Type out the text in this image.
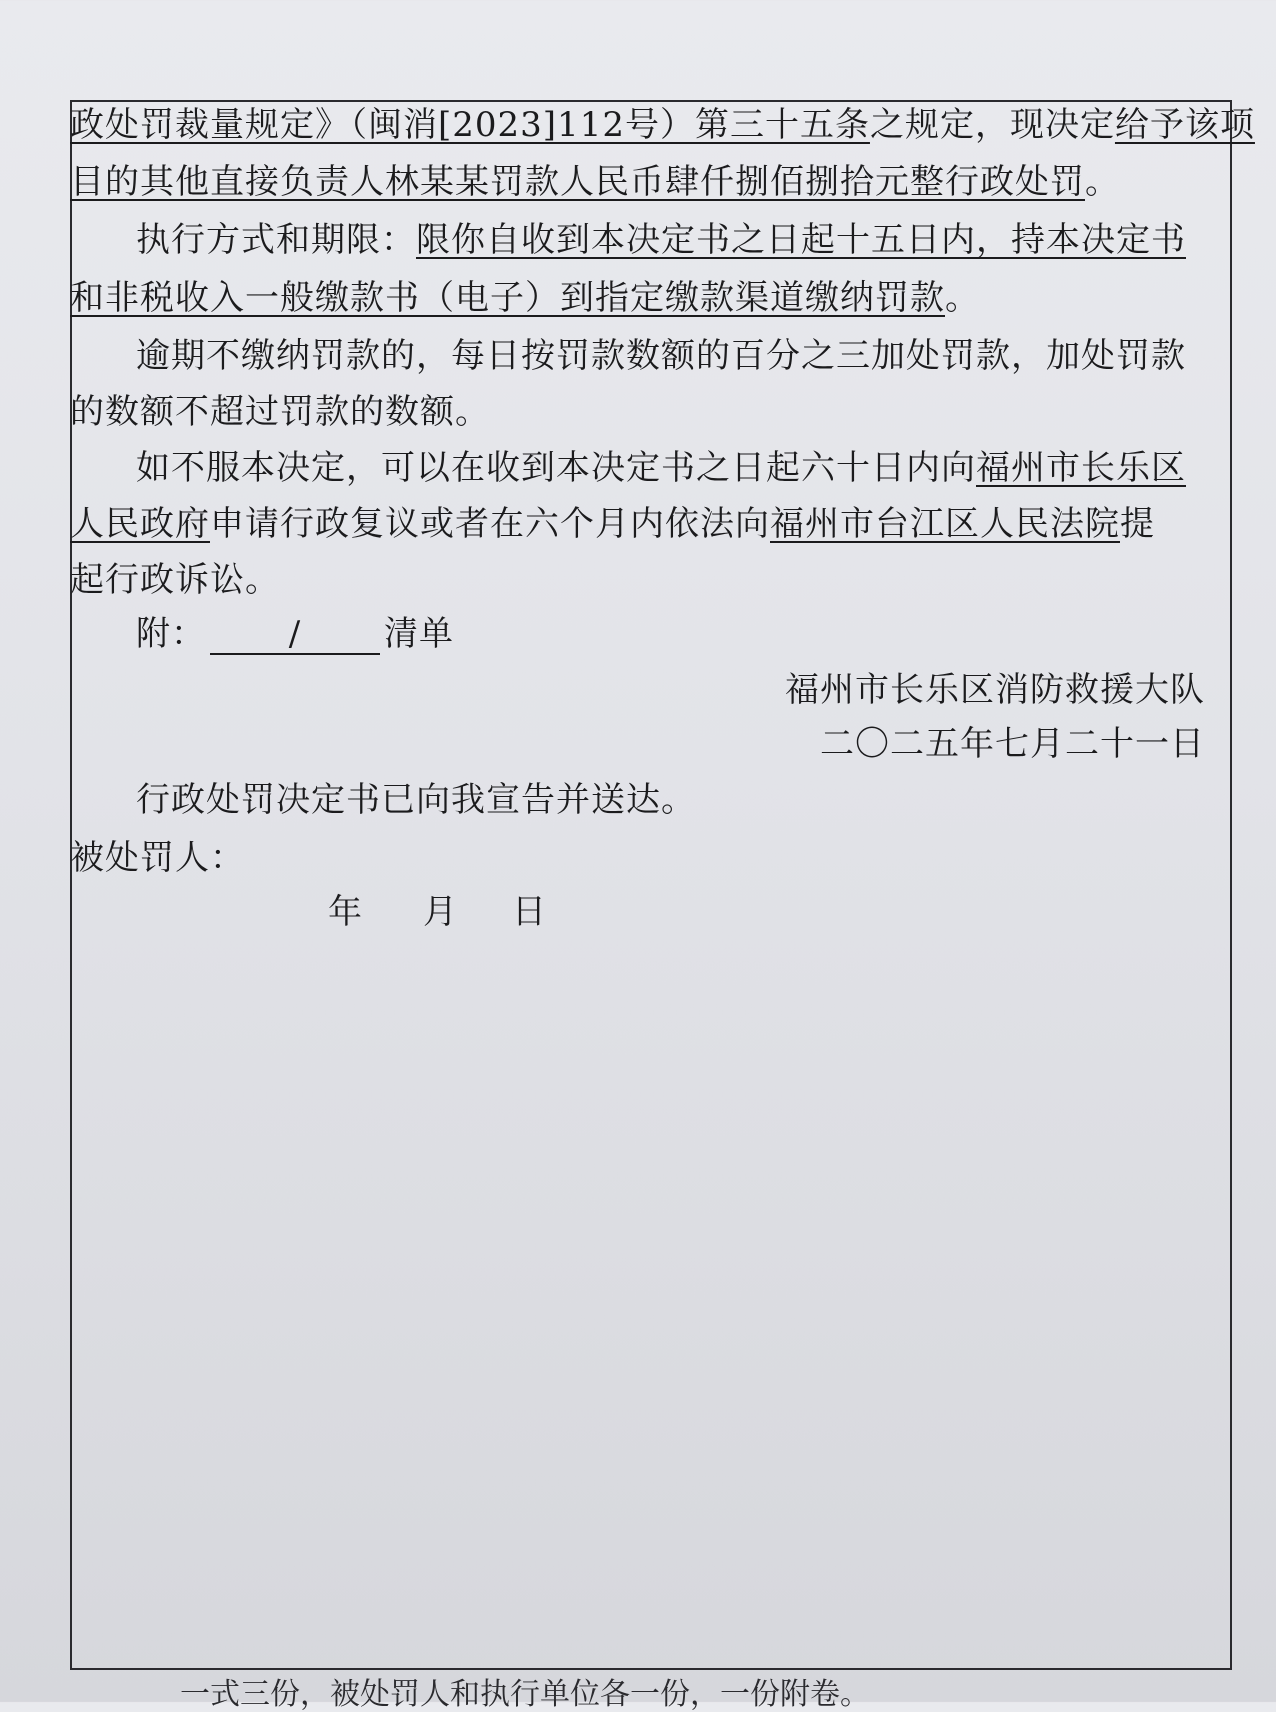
政处罚裁量规定》（闽消[2023]112号）第三十五条之规定，现决定给予该项
目的其他直接负责人林某某罚款人民币肆仟捌佰捌拾元整行政处罚。
执行方式和期限：限你自收到本决定书之日起十五日内，持本决定书
和非税收入一般缴款书（电子）到指定缴款渠道缴纳罚款。
逾期不缴纳罚款的，每日按罚款数额的百分之三加处罚款，加处罚款
的数额不超过罚款的数额。
如不服本决定，可以在收到本决定书之日起六十日内向福州市长乐区
人民政府申请行政复议或者在六个月内依法向福州市台江区人民法院提
起行政诉讼。
附： / 清单
福州市长乐区消防救援大队
二〇二五年七月二十一日
行政处罚决定书已向我宣告并送达。
被处罚人：
年 月 日
一式三份，被处罚人和执行单位各一份，一份附卷。
